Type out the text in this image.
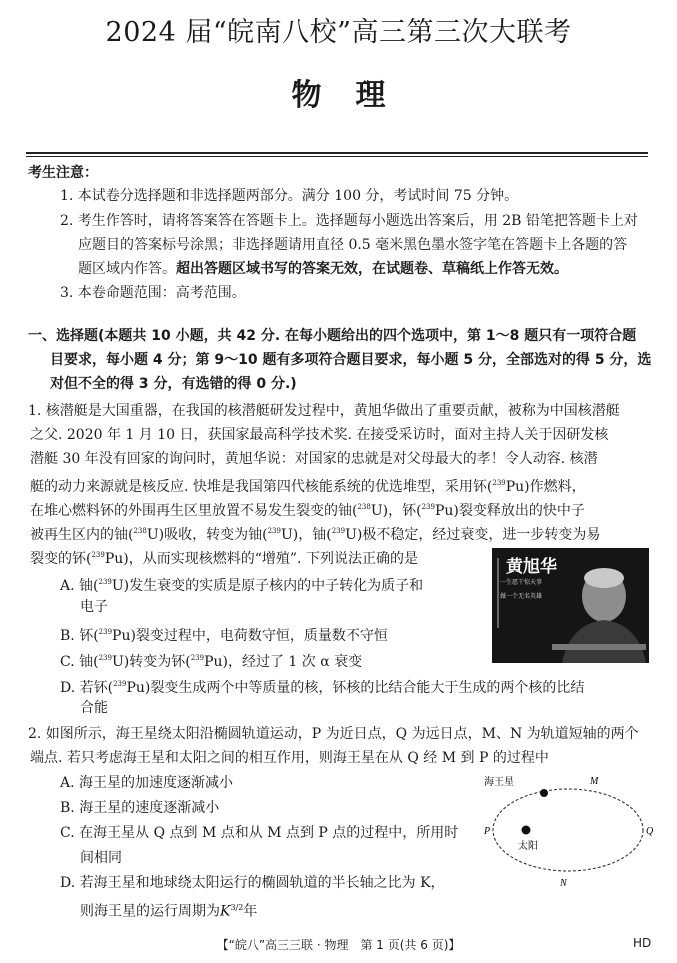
2024 届“皖南八校”高三第三次大联考
物理
考生注意：
1. 本试卷分选择题和非选择题两部分。满分 100 分，考试时间 75 分钟。
2. 考生作答时，请将答案答在答题卡上。选择题每小题选出答案后，用 2B 铅笔把答题卡上对
应题目的答案标号涂黑；非选择题请用直径 0.5 毫米黑色墨水签字笔在答题卡上各题的答
题区域内作答。超出答题区域书写的答案无效，在试题卷、草稿纸上作答无效。
3. 本卷命题范围：高考范围。
一、选择题(本题共 10 小题，共 42 分. 在每小题给出的四个选项中，第 1～8 题只有一项符合题
目要求，每小题 4 分；第 9～10 题有多项符合题目要求，每小题 5 分，全部选对的得 5 分，选
对但不全的得 3 分，有选错的得 0 分.)
1. 核潜艇是大国重器，在我国的核潜艇研发过程中，黄旭华做出了重要贡献，被称为中国核潜艇
之父. 2020 年 1 月 10 日，获国家最高科学技术奖. 在接受采访时，面对主持人关于因研发核
潜艇 30 年没有回家的询问时，黄旭华说：对国家的忠就是对父母最大的孝！令人动容. 核潜
艇的动力来源就是核反应. 快堆是我国第四代核能系统的优选堆型，采用钚($^{239}$Pu)作燃料，
在堆心燃料钚的外围再生区里放置不易发生裂变的铀($^{238}$U)，钚($^{239}$Pu)裂变释放出的快中子
被再生区内的铀($^{238}$U)吸收，转变为铀($^{239}$U)，铀($^{239}$U)极不稳定，经过衰变，进一步转变为易
裂变的钚($^{239}$Pu)，从而实现核燃料的“增殖”. 下列说法正确的是
A. 铀($^{239}$U)发生衰变的实质是原子核内的中子转化为质子和
电子
B. 钚($^{239}$Pu)裂变过程中，电荷数守恒，质量数不守恒
C. 铀($^{239}$U)转变为钚($^{239}$Pu)，经过了 1 次 α 衰变
D. 若钚($^{239}$Pu)裂变生成两个中等质量的核，钚核的比结合能大于生成的两个核的比结
合能
黄旭华
一生愿干惊天事
做一个无名英雄
2. 如图所示，海王星绕太阳沿椭圆轨道运动，P 为近日点，Q 为远日点，M、N 为轨道短轴的两个
端点. 若只考虑海王星和太阳之间的相互作用，则海王星在从 Q 经 M 到 P 的过程中
A. 海王星的加速度逐渐减小
B. 海王星的速度逐渐减小
C. 在海王星从 Q 点到 M 点和从 M 点到 P 点的过程中，所用时
间相同
D. 若海王星和地球绕太阳运行的椭圆轨道的半长轴之比为 K，
则海王星的运行周期为$K^{3/2}$年
海王星
太阳
P	Q
M
N
【“皖八”高三三联 · 物理　第 1 页(共 6 页)】	HD
